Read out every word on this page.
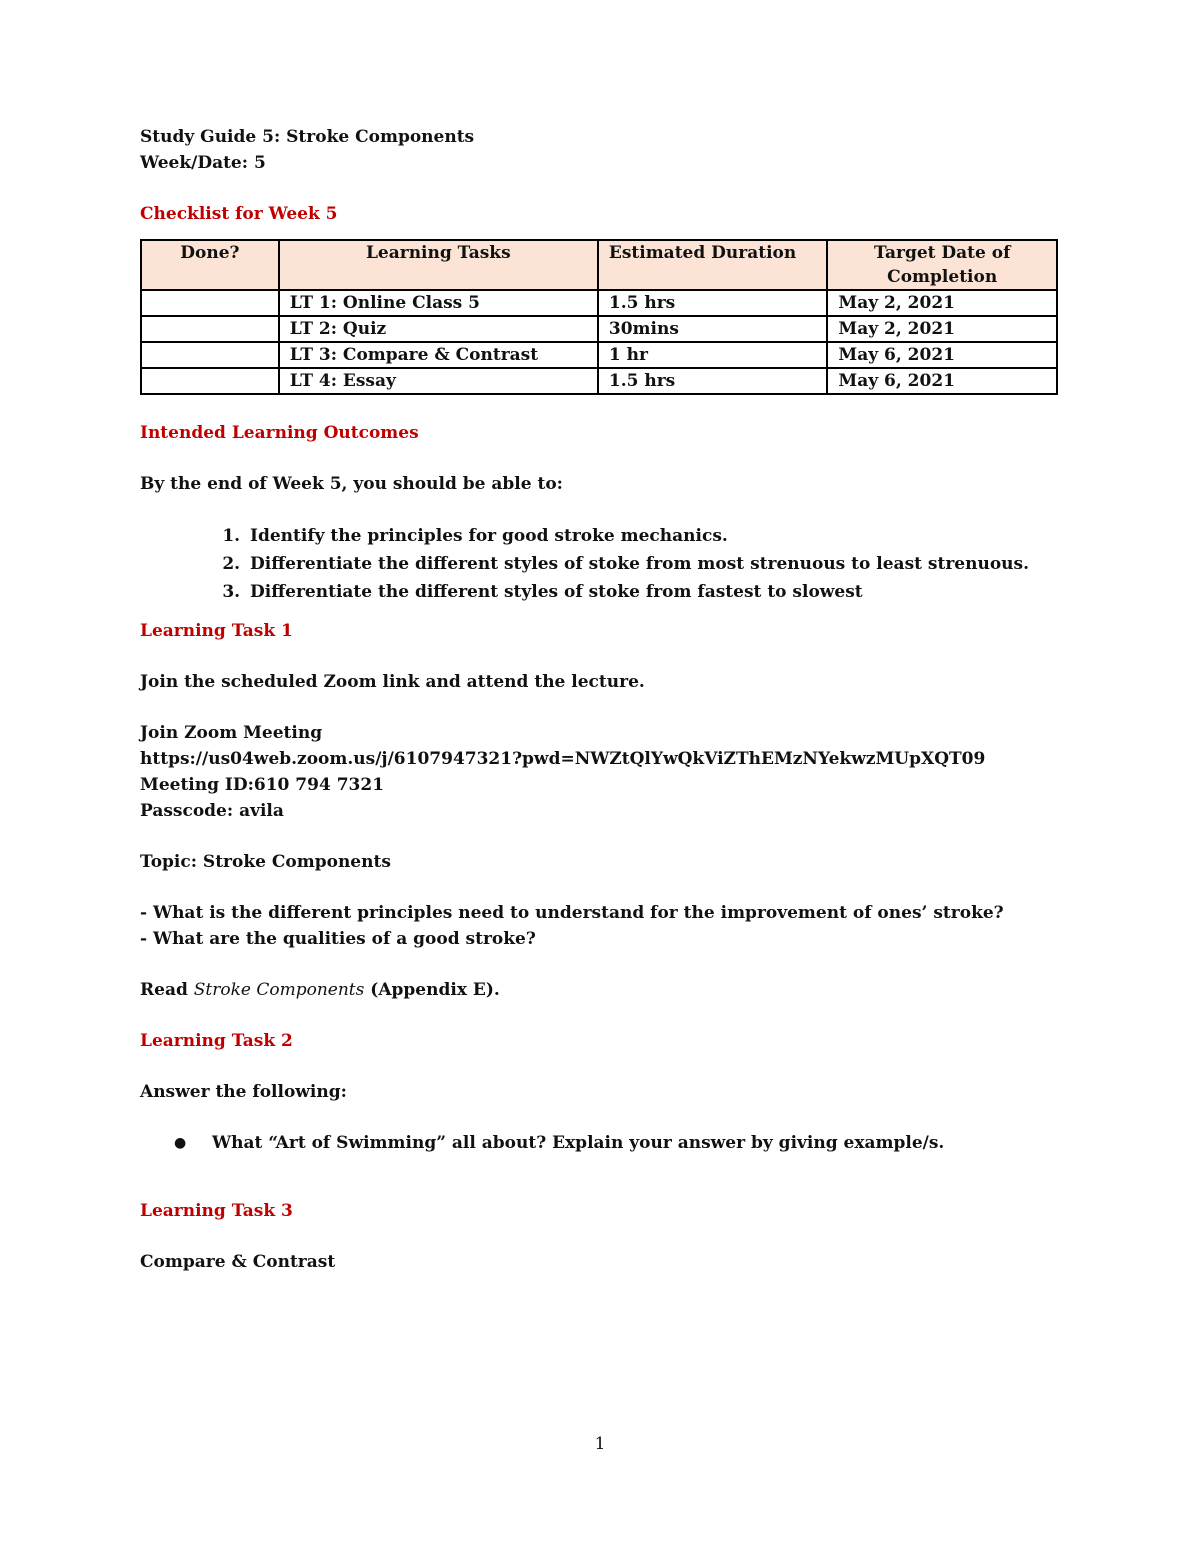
Study Guide 5: Stroke Components
Week/Date: 5
Checklist for Week 5
Done?	Learning Tasks	Estimated Duration	Target Date of Completion
	LT 1: Online Class 5	1.5 hrs	May 2, 2021
	LT 2: Quiz	30mins	May 2, 2021
	LT 3: Compare & Contrast	1 hr	May 6, 2021
	LT 4: Essay	1.5 hrs	May 6, 2021
Intended Learning Outcomes
By the end of Week 5, you should be able to:
1. Identify the principles for good stroke mechanics.
2. Differentiate the different styles of stoke from most strenuous to least strenuous.
3. Differentiate the different styles of stoke from fastest to slowest
Learning Task 1
Join the scheduled Zoom link and attend the lecture.
Join Zoom Meeting
https://us04web.zoom.us/j/6107947321?pwd=NWZtQlYwQkViZThEMzNYekwzMUpXQT09
Meeting ID:610 794 7321
Passcode: avila
Topic: Stroke Components
- What is the different principles need to understand for the improvement of ones’ stroke?
- What are the qualities of a good stroke?
Read Stroke Components (Appendix E).
Learning Task 2
Answer the following:
● What “Art of Swimming” all about? Explain your answer by giving example/s.
Learning Task 3
Compare & Contrast
1
